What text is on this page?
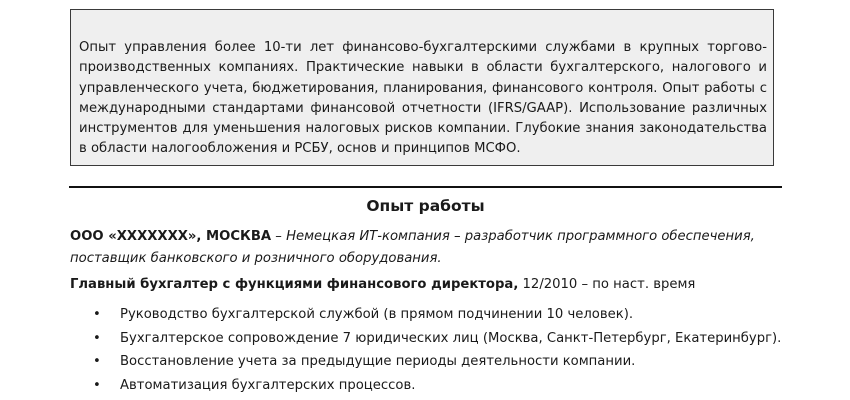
Опыт управления более 10-ти лет финансово-бухгалтерскими службами в крупных торгово-производственных компаниях. Практические навыки в области бухгалтерского, налогового и управленческого учета, бюджетирования, планирования, финансового контроля. Опыт работы с международными стандартами финансовой отчетности (IFRS/GAAP). Использование различных инструментов для уменьшения налоговых рисков компании. Глубокие знания законодательства в области налогообложения и РСБУ, основ и принципов МСФО.

Опыт работы

ООО «XXXXXXX», МОСКВА – Немецкая ИТ-компания – разработчик программного обеспечения, поставщик банковского и розничного оборудования.

Главный бухгалтер с функциями финансового директора, 12/2010 – по наст. время

• Руководство бухгалтерской службой (в прямом подчинении 10 человек).
• Бухгалтерское сопровождение 7 юридических лиц (Москва, Санкт-Петербург, Екатеринбург).
• Восстановление учета за предыдущие периоды деятельности компании.
• Автоматизация бухгалтерских процессов.
